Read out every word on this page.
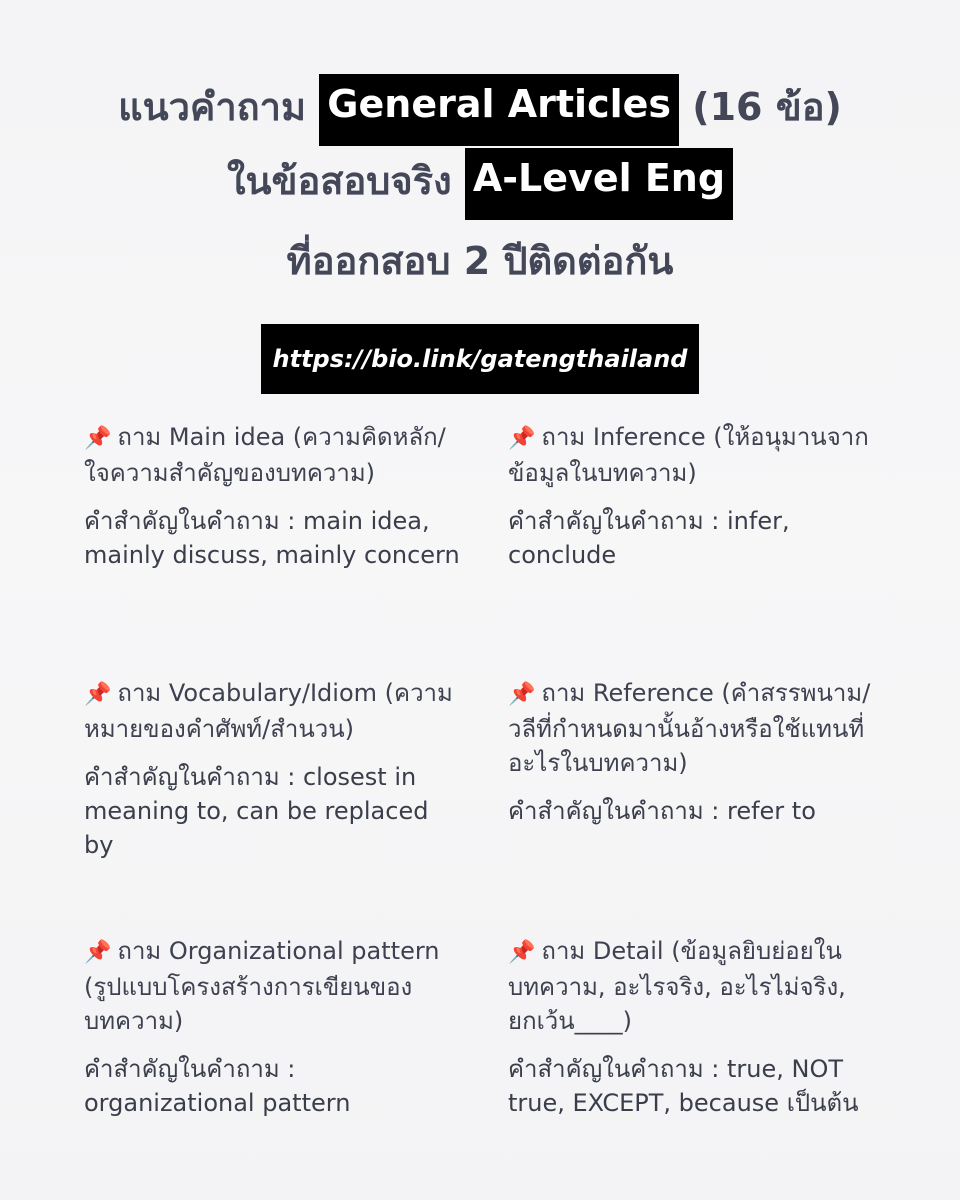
แนวคำถาม General Articles (16 ข้อ)
ในข้อสอบจริง A-Level Eng
ที่ออกสอบ 2 ปีติดต่อกัน
https://bio.link/gatengthailand
📌 ถาม Main idea (ความคิดหลัก/ใจความสำคัญของบทความ)
คำสำคัญในคำถาม : main idea, mainly discuss, mainly concern
📌 ถาม Inference (ให้อนุมานจากข้อมูลในบทความ)
คำสำคัญในคำถาม : infer, conclude
📌 ถาม Vocabulary/Idiom (ความหมายของคำศัพท์/สำนวน)
คำสำคัญในคำถาม : closest in meaning to, can be replaced by
📌 ถาม Reference (คำสรรพนาม/วลีที่กำหนดมานั้นอ้างหรือใช้แทนที่อะไรในบทความ)
คำสำคัญในคำถาม : refer to
📌 ถาม Organizational pattern (รูปแบบโครงสร้างการเขียนของบทความ)
คำสำคัญในคำถาม : organizational pattern
📌 ถาม Detail (ข้อมูลยิบย่อยในบทความ, อะไรจริง, อะไรไม่จริง, ยกเว้น____)
คำสำคัญในคำถาม : true, NOT true, EXCEPT, because เป็นต้น
